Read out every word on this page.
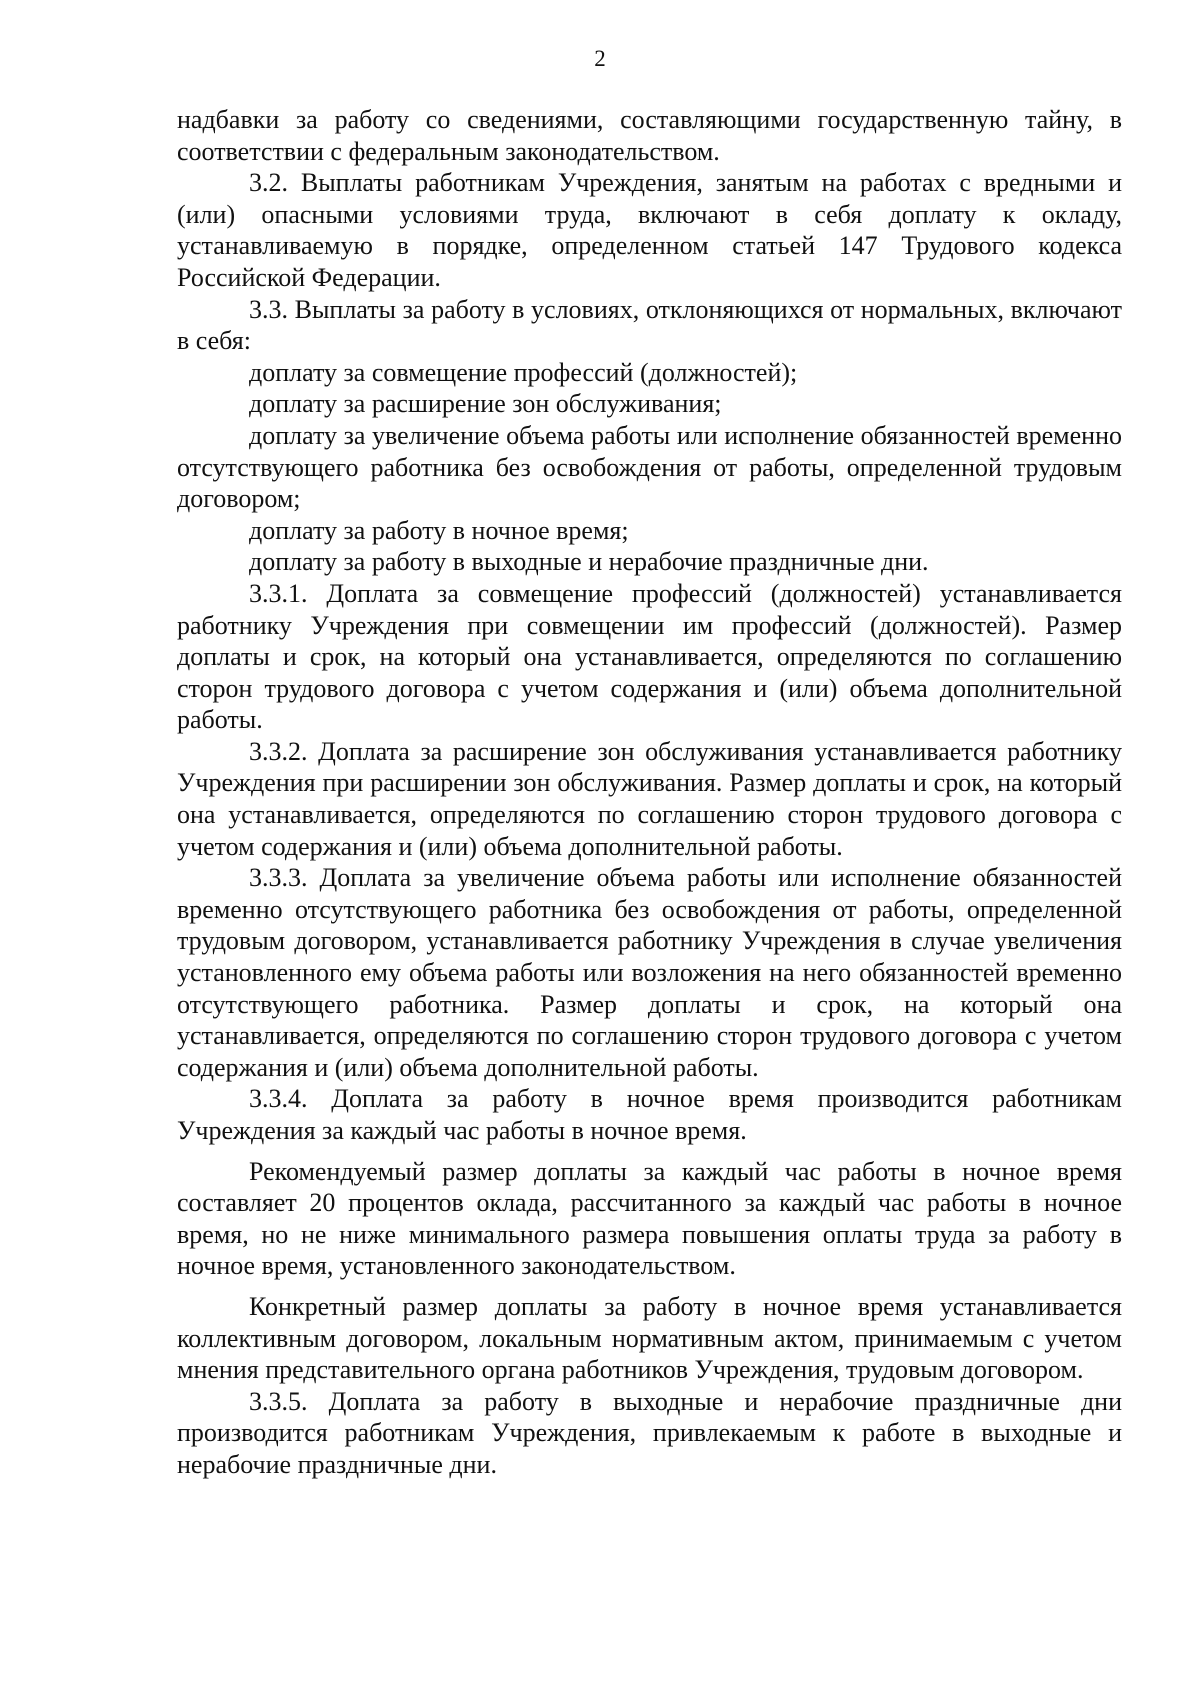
2

надбавки за работу со сведениями, составляющими государственную тайну, в соответствии с федеральным законодательством.

3.2. Выплаты работникам Учреждения, занятым на работах с вредными и (или) опасными условиями труда, включают в себя доплату к окладу, устанавливаемую в порядке, определенном статьей 147 Трудового кодекса Российской Федерации.

3.3. Выплаты за работу в условиях, отклоняющихся от нормальных, включают в себя:

доплату за совмещение профессий (должностей);

доплату за расширение зон обслуживания;

доплату за увеличение объема работы или исполнение обязанностей временно отсутствующего работника без освобождения от работы, определенной трудовым договором;

доплату за работу в ночное время;

доплату за работу в выходные и нерабочие праздничные дни.

3.3.1. Доплата за совмещение профессий (должностей) устанавливается работнику Учреждения при совмещении им профессий (должностей). Размер доплаты и срок, на который она устанавливается, определяются по соглашению сторон трудового договора с учетом содержания и (или) объема дополнительной работы.

3.3.2. Доплата за расширение зон обслуживания устанавливается работнику Учреждения при расширении зон обслуживания. Размер доплаты и срок, на который она устанавливается, определяются по соглашению сторон трудового договора с учетом содержания и (или) объема дополнительной работы.

3.3.3. Доплата за увеличение объема работы или исполнение обязанностей временно отсутствующего работника без освобождения от работы, определенной трудовым договором, устанавливается работнику Учреждения в случае увеличения установленного ему объема работы или возложения на него обязанностей временно отсутствующего работника. Размер доплаты и срок, на который она устанавливается, определяются по соглашению сторон трудового договора с учетом содержания и (или) объема дополнительной работы.

3.3.4. Доплата за работу в ночное время производится работникам Учреждения за каждый час работы в ночное время.

Рекомендуемый размер доплаты за каждый час работы в ночное время составляет 20 процентов оклада, рассчитанного за каждый час работы в ночное время, но не ниже минимального размера повышения оплаты труда за работу в ночное время, установленного законодательством.

Конкретный размер доплаты за работу в ночное время устанавливается коллективным договором, локальным нормативным актом, принимаемым с учетом мнения представительного органа работников Учреждения, трудовым договором.

3.3.5. Доплата за работу в выходные и нерабочие праздничные дни производится работникам Учреждения, привлекаемым к работе в выходные и нерабочие праздничные дни.
